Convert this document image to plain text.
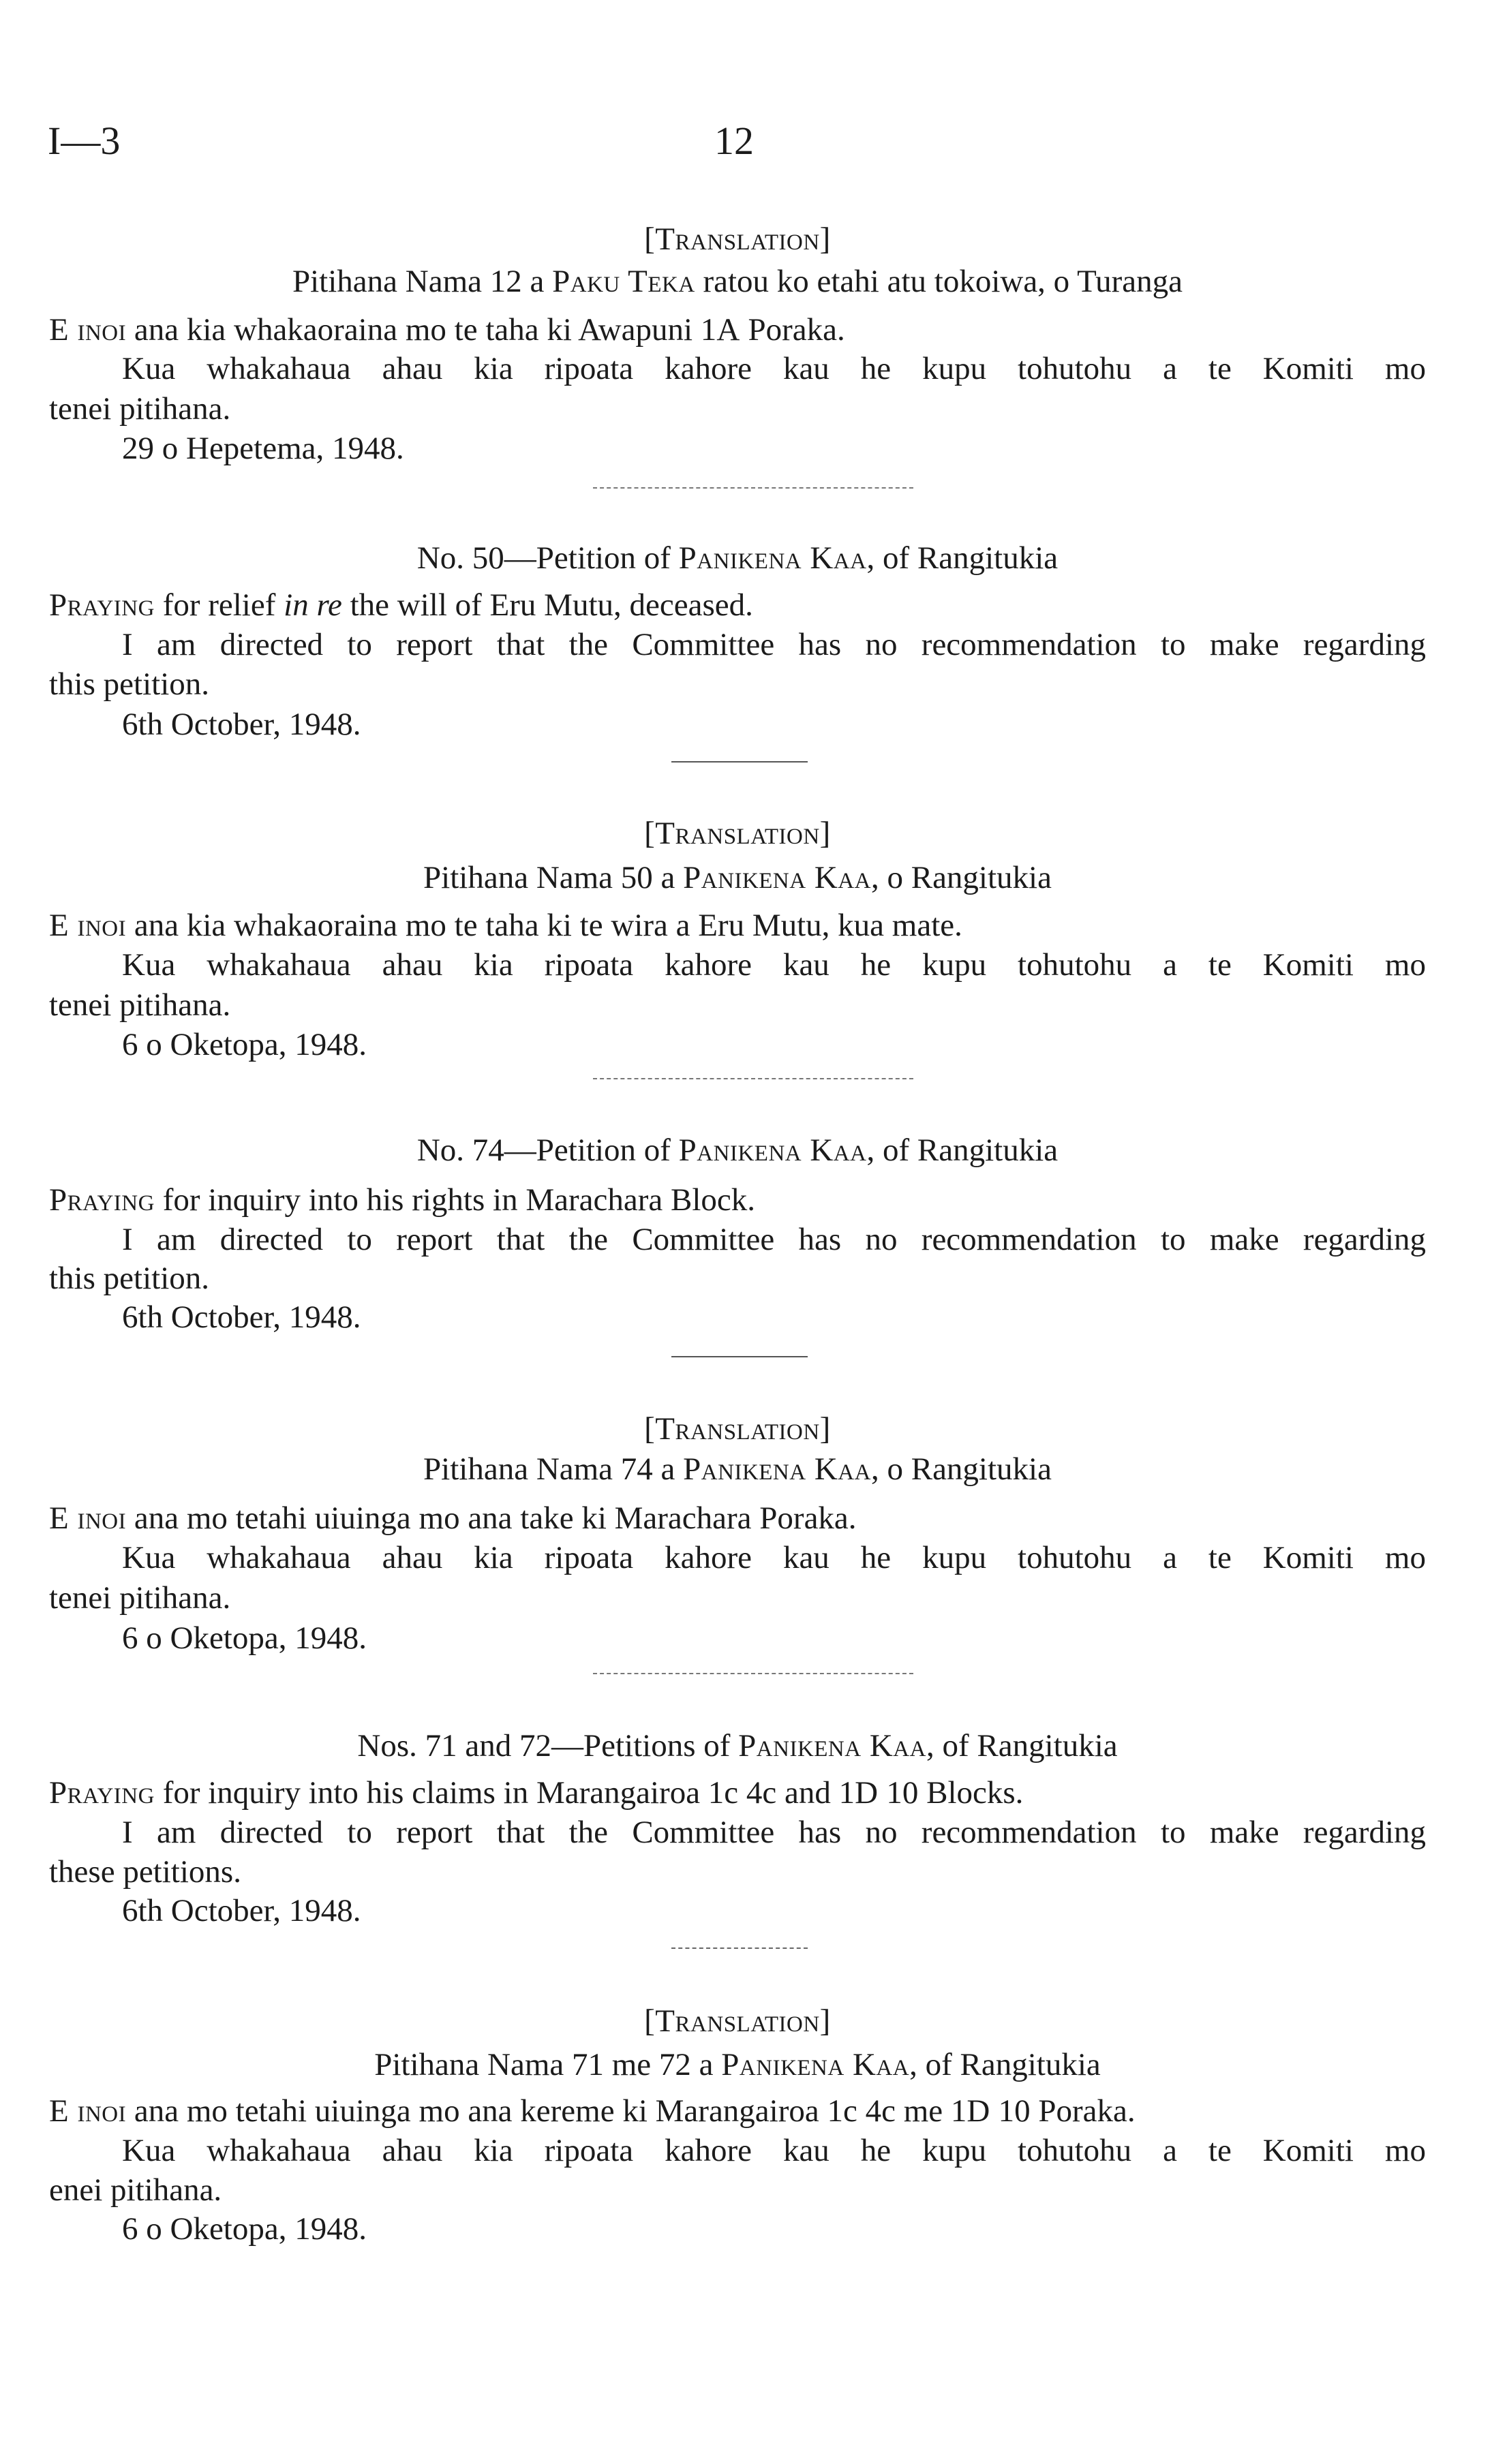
I—3	12
[Translation]
Pitihana Nama 12 a Paku Teka ratou ko etahi atu tokoiwa, o Turanga
E inoi ana kia whakaoraina mo te taha ki Awapuni 1A Poraka.
Kua whakahaua ahau kia ripoata kahore kau he kupu tohutohu a te Komiti mo
tenei pitihana.
29 o Hepetema, 1948.
No. 50—Petition of Panikena Kaa, of Rangitukia
Praying for relief in re the will of Eru Mutu, deceased.
I am directed to report that the Committee has no recommendation to make regarding
this petition.
6th October, 1948.
[Translation]
Pitihana Nama 50 a Panikena Kaa, o Rangitukia
E inoi ana kia whakaoraina mo te taha ki te wira a Eru Mutu, kua mate.
Kua whakahaua ahau kia ripoata kahore kau he kupu tohutohu a te Komiti mo
tenei pitihana.
6 o Oketopa, 1948.
No. 74—Petition of Panikena Kaa, of Rangitukia
Praying for inquiry into his rights in Marachara Block.
I am directed to report that the Committee has no recommendation to make regarding
this petition.
6th October, 1948.
[Translation]
Pitihana Nama 74 a Panikena Kaa, o Rangitukia
E inoi ana mo tetahi uiuinga mo ana take ki Marachara Poraka.
Kua whakahaua ahau kia ripoata kahore kau he kupu tohutohu a te Komiti mo
tenei pitihana.
6 o Oketopa, 1948.
Nos. 71 and 72—Petitions of Panikena Kaa, of Rangitukia
Praying for inquiry into his claims in Marangairoa 1c 4c and 1D 10 Blocks.
I am directed to report that the Committee has no recommendation to make regarding
these petitions.
6th October, 1948.
[Translation]
Pitihana Nama 71 me 72 a Panikena Kaa, of Rangitukia
E inoi ana mo tetahi uiuinga mo ana kereme ki Marangairoa 1c 4c me 1D 10 Poraka.
Kua whakahaua ahau kia ripoata kahore kau he kupu tohutohu a te Komiti mo
enei pitihana.
6 o Oketopa, 1948.
